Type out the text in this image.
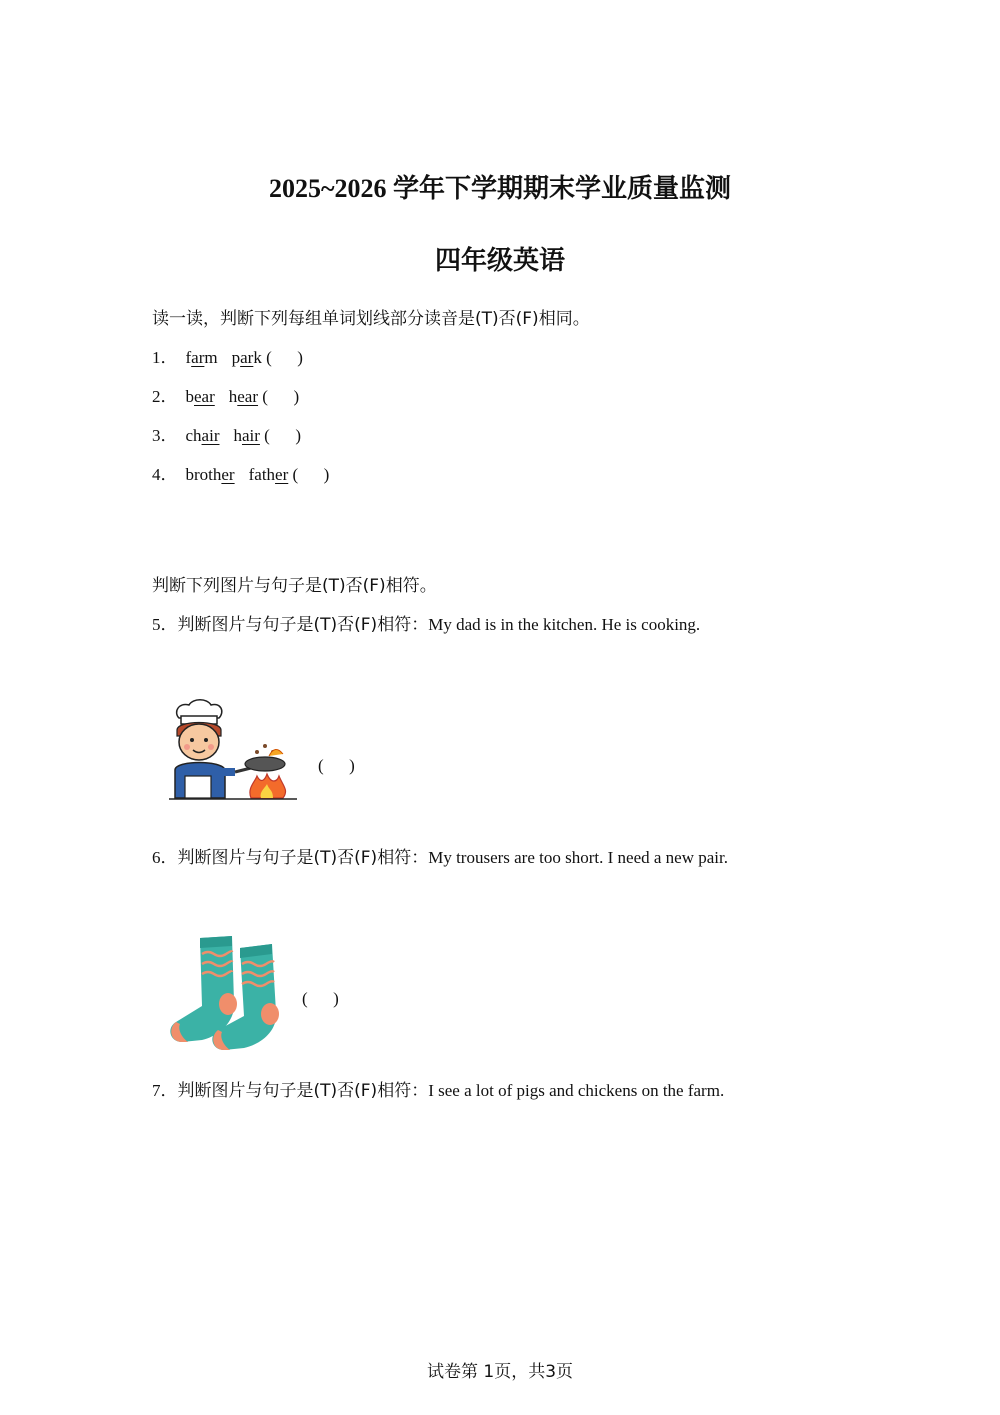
2025~2026 学年下学期期末学业质量监测
四年级英语
读一读，判断下列每组单词划线部分读音是(T)否(F)相同。
1． farm park (      )
2． bear hear (      )
3． chair hair (      )
4． brother father (      )
判断下列图片与句子是(T)否(F)相符。
5．判断图片与句子是(T)否(F)相符：My dad is in the kitchen. He is cooking.
(      )
6．判断图片与句子是(T)否(F)相符：My trousers are too short. I need a new pair.
(      )
7．判断图片与句子是(T)否(F)相符：I see a lot of pigs and chickens on the farm.
试卷第 1页，共3页
